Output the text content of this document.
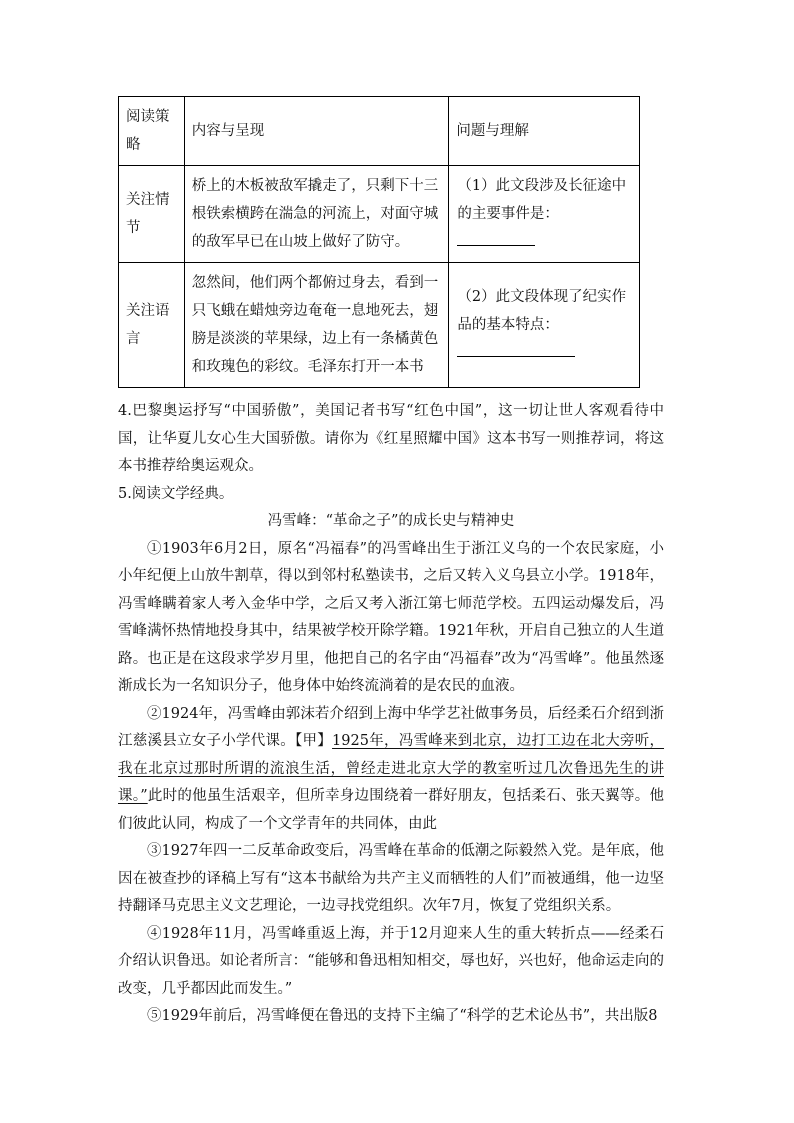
阅读策略	内容与呈现	问题与理解
关注情节	桥上的木板被敌军撬走了，只剩下十三根铁索横跨在湍急的河流上，对面守城的敌军早已在山坡上做好了防守。	（1）此文段涉及长征途中的主要事件是：

关注语言	忽然间，他们两个都俯过身去，看到一只飞蛾在蜡烛旁边奄奄一息地死去，翅膀是淡淡的苹果绿，边上有一条橘黄色和玫瑰色的彩纹。毛泽东打开一本书	（2）此文段体现了纪实作品的基本特点：

4.巴黎奥运抒写“中国骄傲”，美国记者书写“红色中国”，这一切让世人客观看待中国，让华夏儿女心生大国骄傲。请你为《红星照耀中国》这本书写一则推荐词，将这本书推荐给奥运观众。

5.阅读文学经典。

冯雪峰：“革命之子”的成长史与精神史

①1903年6月2日，原名“冯福春”的冯雪峰出生于浙江义乌的一个农民家庭，小小年纪便上山放牛割草，得以到邻村私塾读书，之后又转入义乌县立小学。1918年，冯雪峰瞒着家人考入金华中学，之后又考入浙江第七师范学校。五四运动爆发后，冯雪峰满怀热情地投身其中，结果被学校开除学籍。1921年秋，开启自己独立的人生道路。也正是在这段求学岁月里，他把自己的名字由“冯福春”改为“冯雪峰”。他虽然逐渐成长为一名知识分子，他身体中始终流淌着的是农民的血液。

②1924年，冯雪峰由郭沫若介绍到上海中华学艺社做事务员，后经柔石介绍到浙江慈溪县立女子小学代课。【甲】1925年，冯雪峰来到北京，边打工边在北大旁听，我在北京过那时所谓的流浪生活，曾经走进北京大学的教室听过几次鲁迅先生的讲课。”此时的他虽生活艰辛，但所幸身边围绕着一群好朋友，包括柔石、张天翼等。他们彼此认同，构成了一个文学青年的共同体，由此

③1927年四一二反革命政变后，冯雪峰在革命的低潮之际毅然入党。是年底，他因在被查抄的译稿上写有“这本书献给为共产主义而牺牲的人们”而被通缉，他一边坚持翻译马克思主义文艺理论，一边寻找党组织。次年7月，恢复了党组织关系。

④1928年11月，冯雪峰重返上海，并于12月迎来人生的重大转折点——经柔石介绍认识鲁迅。如论者所言：“能够和鲁迅相知相交，辱也好，兴也好，他命运走向的改变，几乎都因此而发生。”

⑤1929年前后，冯雪峰便在鲁迅的支持下主编了“科学的艺术论丛书”，共出版8
